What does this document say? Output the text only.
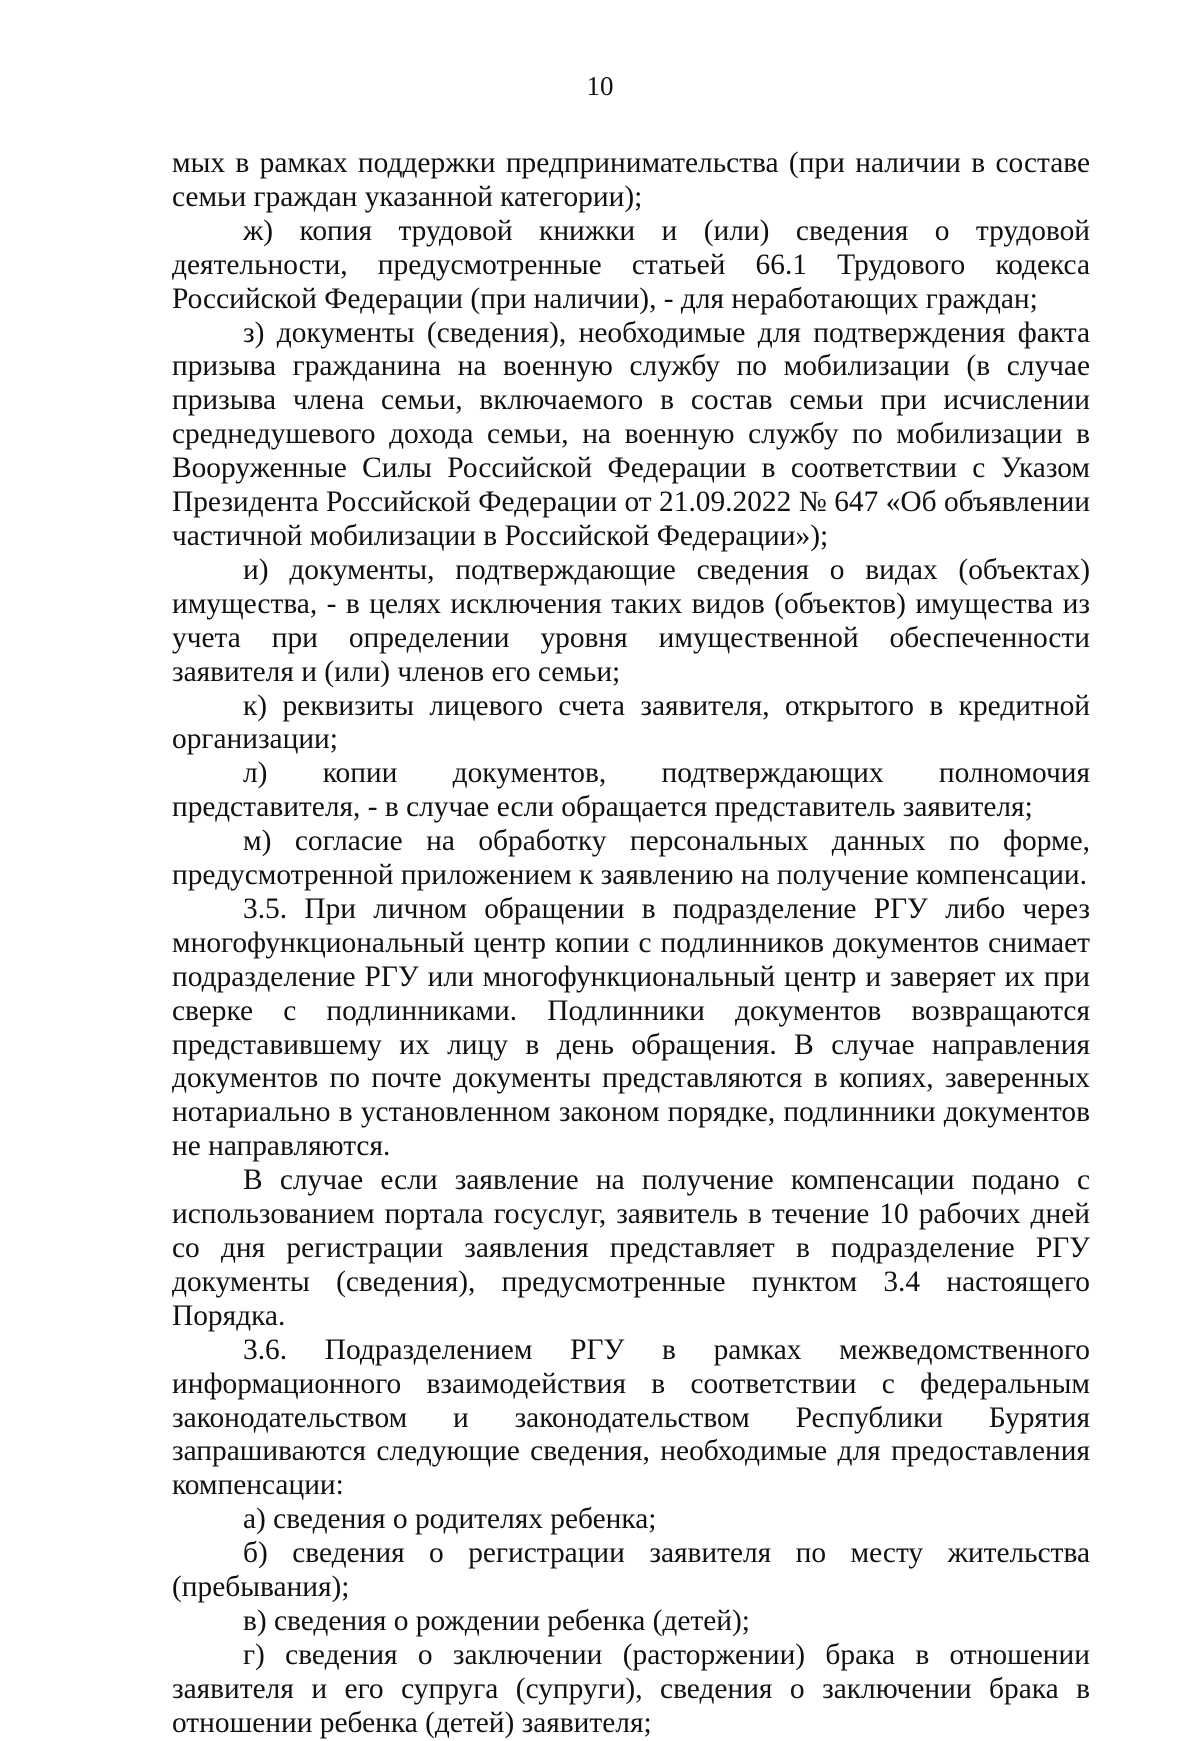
10

мых в рамках поддержки предпринимательства (при наличии в составе семьи граждан указанной категории);

ж) копия трудовой книжки и (или) сведения о трудовой деятельности, предусмотренные статьей 66.1 Трудового кодекса Российской Федерации (при наличии), - для неработающих граждан;

з) документы (сведения), необходимые для подтверждения факта призыва гражданина на военную службу по мобилизации (в случае призыва члена семьи, включаемого в состав семьи при исчислении среднедушевого дохода семьи, на военную службу по мобилизации в Вооруженные Силы Российской Федерации в соответствии с Указом Президента Российской Федерации от 21.09.2022 № 647 «Об объявлении частичной мобилизации в Российской Федерации»);

и) документы, подтверждающие сведения о видах (объектах) имущества, - в целях исключения таких видов (объектов) имущества из учета при определении уровня имущественной обеспеченности заявителя и (или) членов его семьи;

к) реквизиты лицевого счета заявителя, открытого в кредитной организации;

л) копии документов, подтверждающих полномочия представителя, - в случае если обращается представитель заявителя;

м) согласие на обработку персональных данных по форме, предусмотренной приложением к заявлению на получение компенсации.

3.5. При личном обращении в подразделение РГУ либо через многофункциональный центр копии с подлинников документов снимает подразделение РГУ или многофункциональный центр и заверяет их при сверке с подлинниками. Подлинники документов возвращаются представившему их лицу в день обращения. В случае направления документов по почте документы представляются в копиях, заверенных нотариально в установленном законом порядке, подлинники документов не направляются.

В случае если заявление на получение компенсации подано с использованием портала госуслуг, заявитель в течение 10 рабочих дней со дня регистрации заявления представляет в подразделение РГУ документы (сведения), предусмотренные пунктом 3.4 настоящего Порядка.

3.6. Подразделением РГУ в рамках межведомственного информационного взаимодействия в соответствии с федеральным законодательством и законодательством Республики Бурятия запрашиваются следующие сведения, необходимые для предоставления компенсации:

а) сведения о родителях ребенка;

б) сведения о регистрации заявителя по месту жительства (пребывания);

в) сведения о рождении ребенка (детей);

г) сведения о заключении (расторжении) брака в отношении заявителя и его супруга (супруги), сведения о заключении брака в отношении ребенка (детей) заявителя;
